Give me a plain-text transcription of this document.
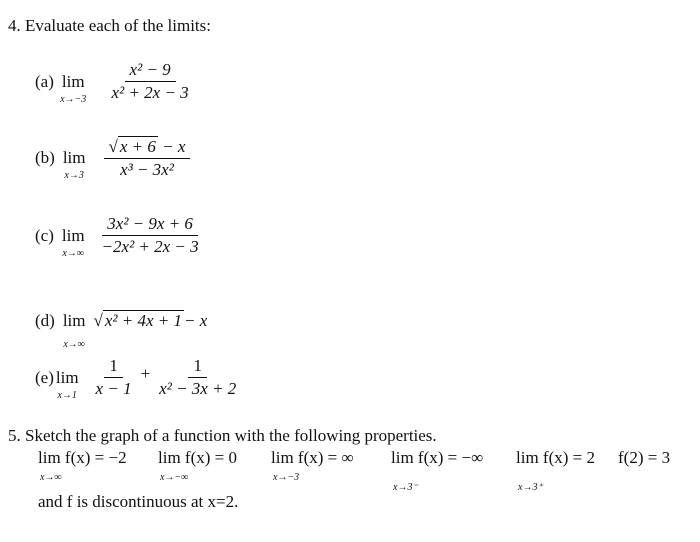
4. Evaluate each of the limits:
(a) lim
$x\to-3 \frac{\text{x² − 9}}{\text{x² + 2x − 3}}$
(b) lim
$x\to 3 \frac{√ x + 6 - x}{\text{x³ − 3x²}}$
(c) lim
$x\to\infty \frac{\text{3x² − 9x + 6}}{\text{−2x² + 2x − 3}}$
(d) lim
x→∞
√ x² + 4x + 1 − x
(e) lim
$x\to 1 \frac{1}{x - 1} + \frac{1}{\text{x² − 3x + 2}}$
5. Sketch the graph of a function with the following properties.
lim f(x) = −2
x→∞
lim f(x) = 0
x→−∞
lim f(x) = ∞
x→−3
lim f(x) = −∞
x→3⁻
lim f(x) = 2
x→3⁺
f(2) = 3
and f is discontinuous at x=2.
